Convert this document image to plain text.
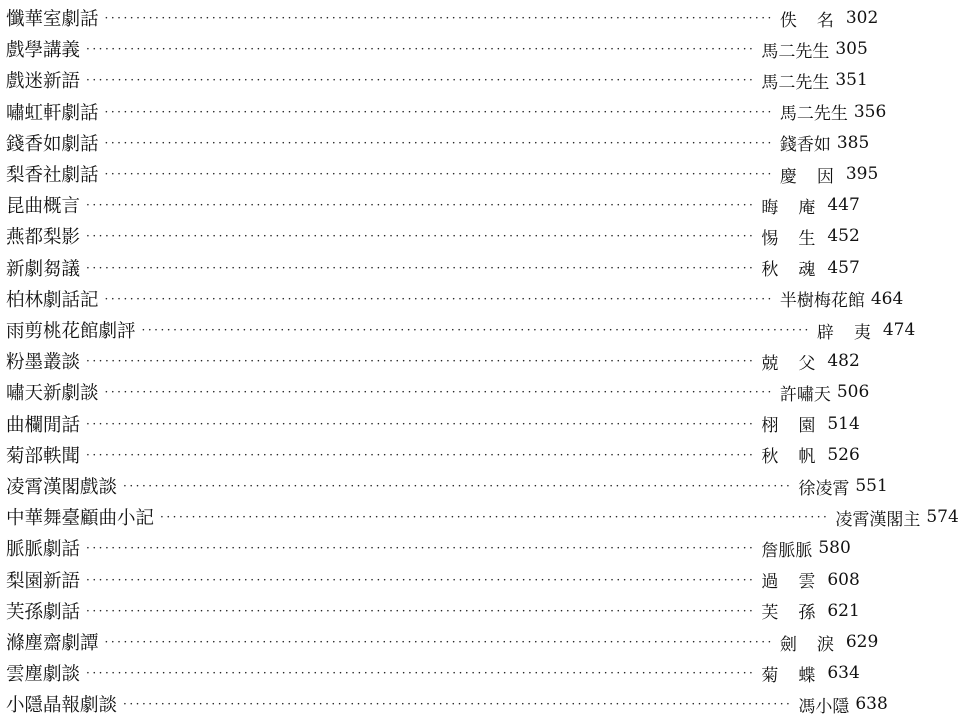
懺華室劇話 ·········································································································· 佚名
302
戲學講義 ·········································································································· 馬二先生 305
戲迷新語 ·········································································································· 馬二先生 351
嘯虹軒劇話 ·········································································································· 馬二先生 356
錢香如劇話 ·········································································································· 錢香如 385
梨香社劇話 ·········································································································· 慶因
395
昆曲概言 ·········································································································· 晦庵
447
燕都梨影 ·········································································································· 惕生
452
新劇芻議 ·········································································································· 秋魂
457
柏林劇話記 ·········································································································· 半樹梅花館 464
雨剪桃花館劇評 ·········································································································· 辟夷
474
粉墨叢談 ·········································································································· 兢父
482
嘯天新劇談 ·········································································································· 許嘯天 506
曲欄閒話 ·········································································································· 栩園
514
菊部軼聞 ·········································································································· 秋帆
526
凌霄漢閣戲談 ·········································································································· 徐凌霄 551
中華舞臺顧曲小記 ·········································································································· 凌霄漢閣主 574
脈脈劇話 ·········································································································· 詹脈脈 580
梨園新語 ·········································································································· 過雲
608
芙孫劇話 ·········································································································· 芙孫
621
滌塵齋劇譚 ·········································································································· 劍淚
629
雲塵劇談 ·········································································································· 菊蝶
634
小隱晶報劇談 ·········································································································· 馮小隱 638
